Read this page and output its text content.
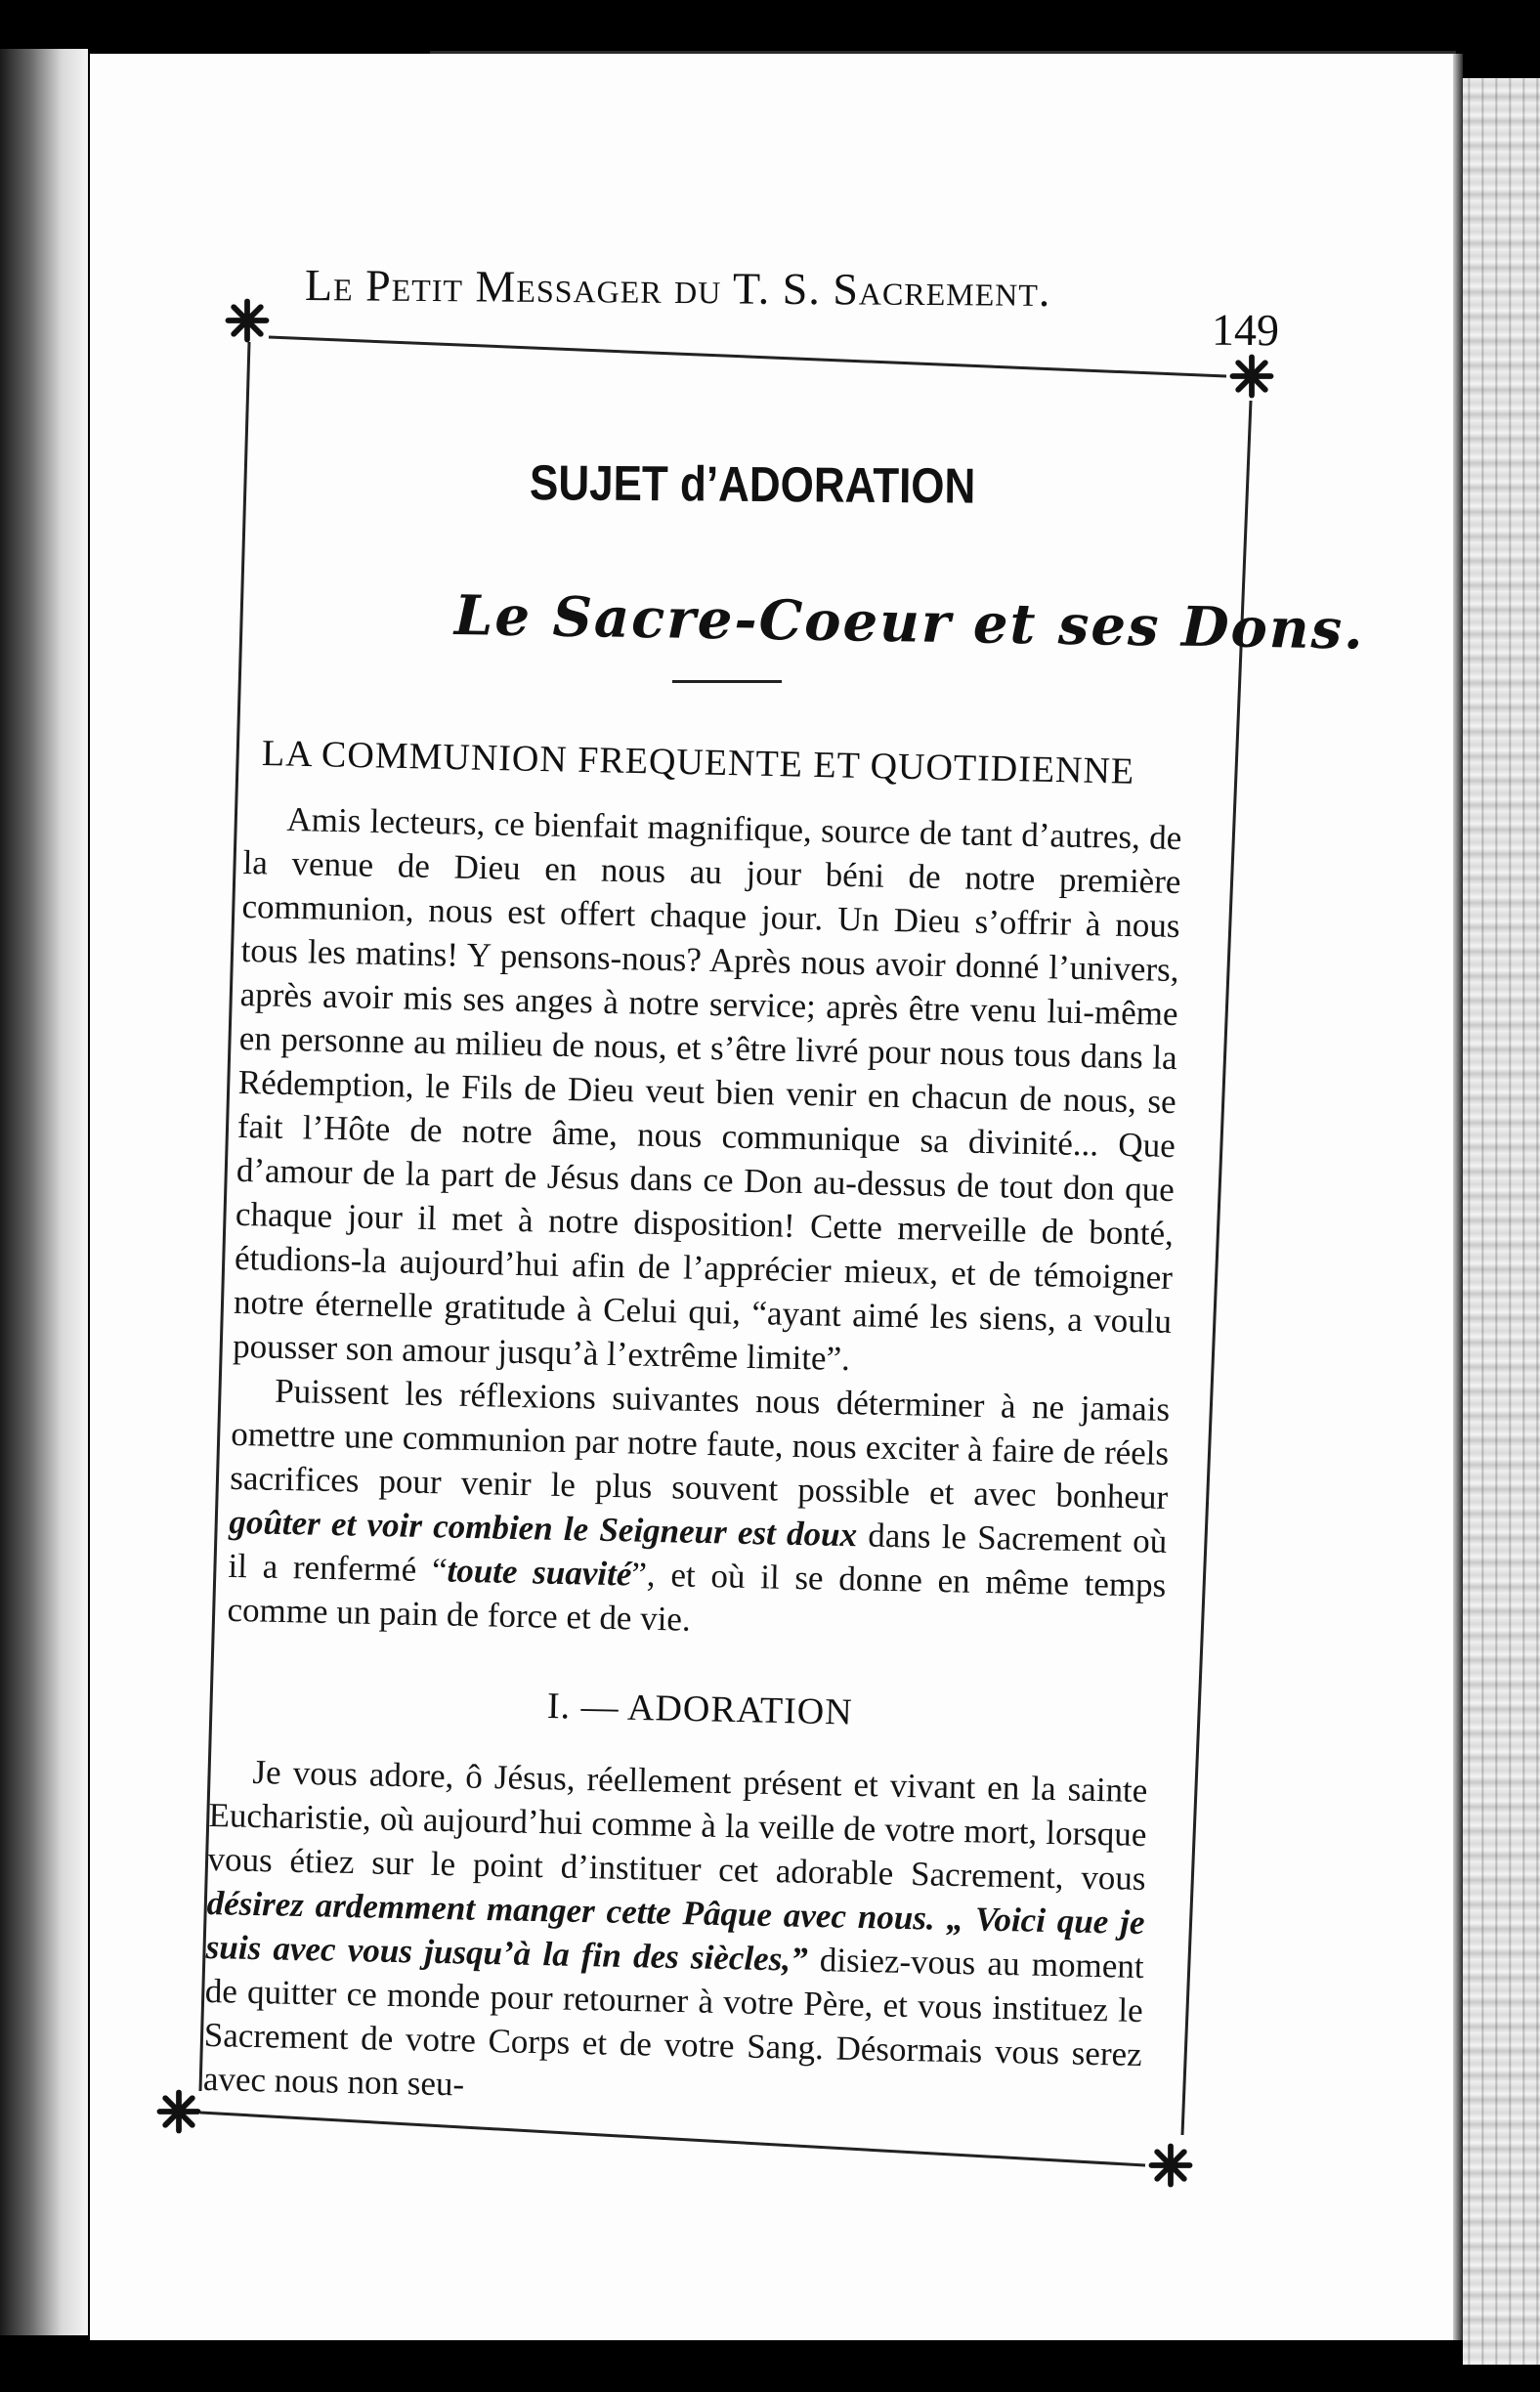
Le Petit Messager du T. S. Sacrement.
149
SUJET d’ADORATION
Le Sacre-Coeur et ses Dons.
LA COMMUNION FREQUENTE ET QUOTIDIENNE

Amis lecteurs, ce bienfait magnifique, source de tant d’autres, de la venue de Dieu en nous au jour béni de notre première communion, nous est offert chaque jour. Un Dieu s’offrir à nous tous les matins! Y pensons-nous? Après nous avoir donné l’univers, après avoir mis ses anges à notre service; après être venu lui-même en personne au milieu de nous, et s’être livré pour nous tous dans la Rédemption, le Fils de Dieu veut bien venir en chacun de nous, se fait l’Hôte de notre âme, nous communique sa divinité... Que d’amour de la part de Jésus dans ce Don au-dessus de tout don que chaque jour il met à notre disposition! Cette merveille de bonté, étudions-la aujourd’hui afin de l’apprécier mieux, et de témoigner notre éternelle gratitude à Celui qui, “ayant aimé les siens, a voulu pousser son amour jusqu’à l’extrême limite”.

Puissent les réflexions suivantes nous déterminer à ne jamais omettre une communion par notre faute, nous exciter à faire de réels sacrifices pour venir le plus souvent possible et avec bonheur goûter et voir combien le Seigneur est doux dans le Sacrement où il a renfermé “toute suavité”, et où il se donne en même temps comme un pain de force et de vie.

I. — ADORATION

Je vous adore, ô Jésus, réellement présent et vivant en la sainte Eucharistie, où aujourd’hui comme à la veille de votre mort, lorsque vous étiez sur le point d’instituer cet adorable Sacrement, vous désirez ardemment manger cette Pâque avec nous. „ Voici que je suis avec vous jusqu’à la fin des siècles,” disiez-vous au moment de quitter ce monde pour retourner à votre Père, et vous instituez le Sacrement de votre Corps et de votre Sang. Désormais vous serez avec nous non seu-
